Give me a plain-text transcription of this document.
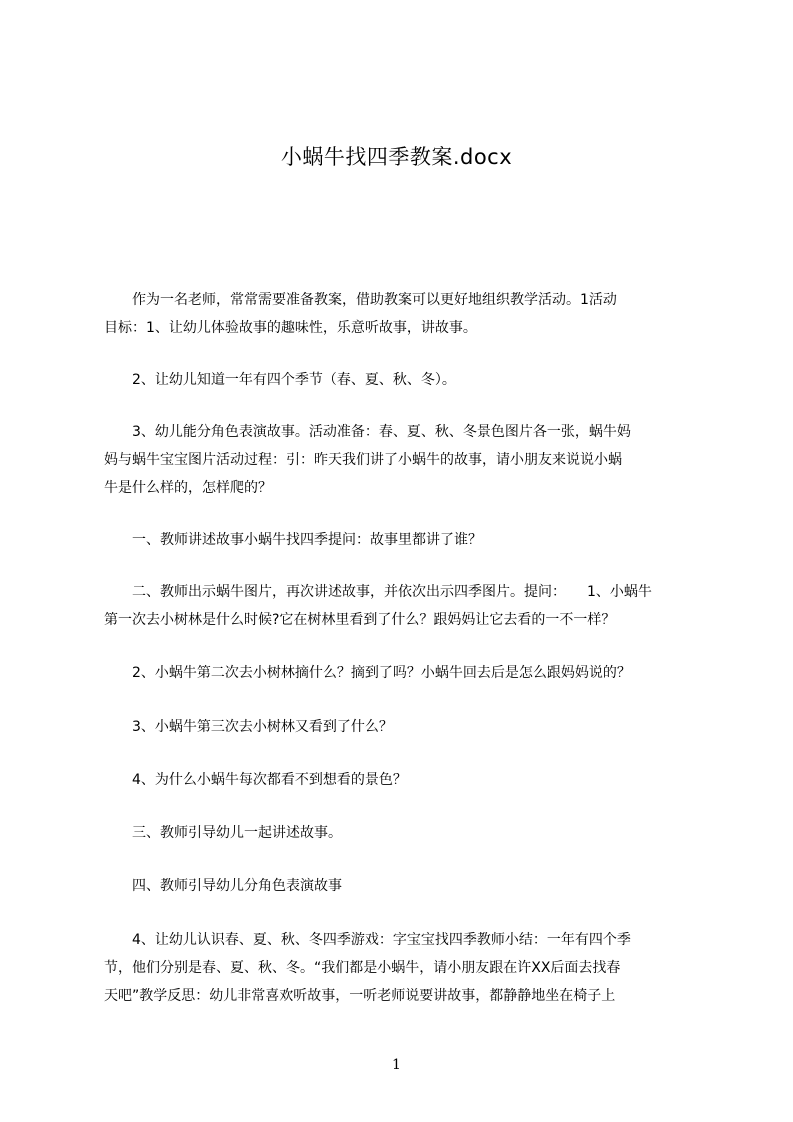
小蜗牛找四季教案.docx
　　作为一名老师，常常需要准备教案，借助教案可以更好地组织教学活动。1活动
目标：1、让幼儿体验故事的趣味性，乐意听故事，讲故事。
　　2、让幼儿知道一年有四个季节（春、夏、秋、冬）。
　　3、幼儿能分角色表演故事。活动准备：春、夏、秋、冬景色图片各一张，蜗牛妈
妈与蜗牛宝宝图片活动过程：引：昨天我们讲了小蜗牛的故事，请小朋友来说说小蜗
牛是什么样的，怎样爬的？
　　一、教师讲述故事小蜗牛找四季提问：故事里都讲了谁？
　　二、教师出示蜗牛图片，再次讲述故事，并依次出示四季图片。提问：　　1、小蜗牛
第一次去小树林是什么时候?它在树林里看到了什么？跟妈妈让它去看的一不一样？
　　2、小蜗牛第二次去小树林摘什么？摘到了吗？小蜗牛回去后是怎么跟妈妈说的？
　　3、小蜗牛第三次去小树林又看到了什么？
　　4、为什么小蜗牛每次都看不到想看的景色？
　　三、教师引导幼儿一起讲述故事。
　　四、教师引导幼儿分角色表演故事
　　4、让幼儿认识春、夏、秋、冬四季游戏：字宝宝找四季教师小结：一年有四个季
节，他们分别是春、夏、秋、冬。“我们都是小蜗牛，请小朋友跟在许XX后面去找春
天吧”教学反思：幼儿非常喜欢听故事，一听老师说要讲故事，都静静地坐在椅子上
1
